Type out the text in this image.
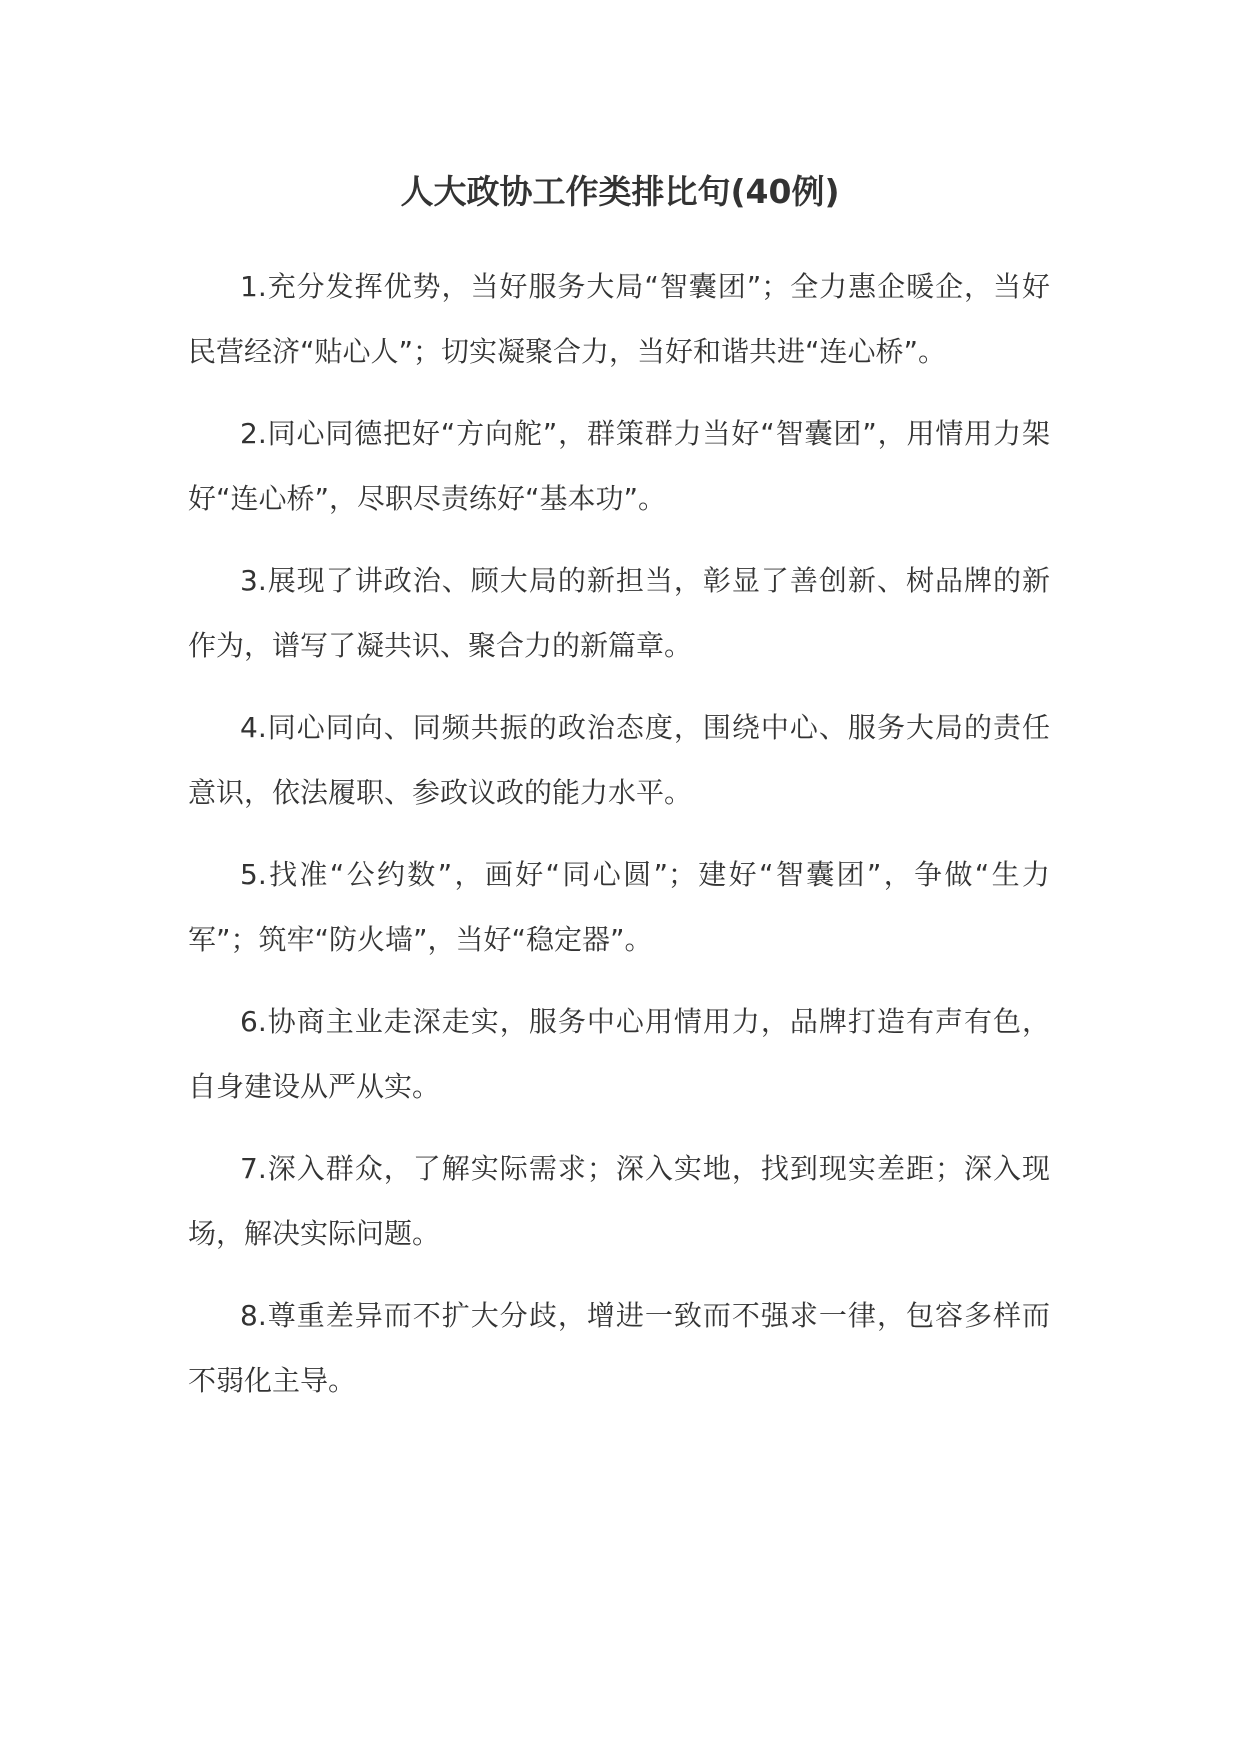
人大政协工作类排比句(40例)

1.充分发挥优势，当好服务大局“智囊团”；全力惠企暖企，当好民营经济“贴心人”；切实凝聚合力，当好和谐共进“连心桥”。

2.同心同德把好“方向舵”，群策群力当好“智囊团”，用情用力架好“连心桥”，尽职尽责练好“基本功”。

3.展现了讲政治、顾大局的新担当，彰显了善创新、树品牌的新作为，谱写了凝共识、聚合力的新篇章。

4.同心同向、同频共振的政治态度，围绕中心、服务大局的责任意识，依法履职、参政议政的能力水平。

5.找准“公约数”，画好“同心圆”；建好“智囊团”，争做“生力军”；筑牢“防火墙”，当好“稳定器”。

6.协商主业走深走实，服务中心用情用力，品牌打造有声有色，自身建设从严从实。

7.深入群众，了解实际需求；深入实地，找到现实差距；深入现场，解决实际问题。

8.尊重差异而不扩大分歧，增进一致而不强求一律，包容多样而不弱化主导。
